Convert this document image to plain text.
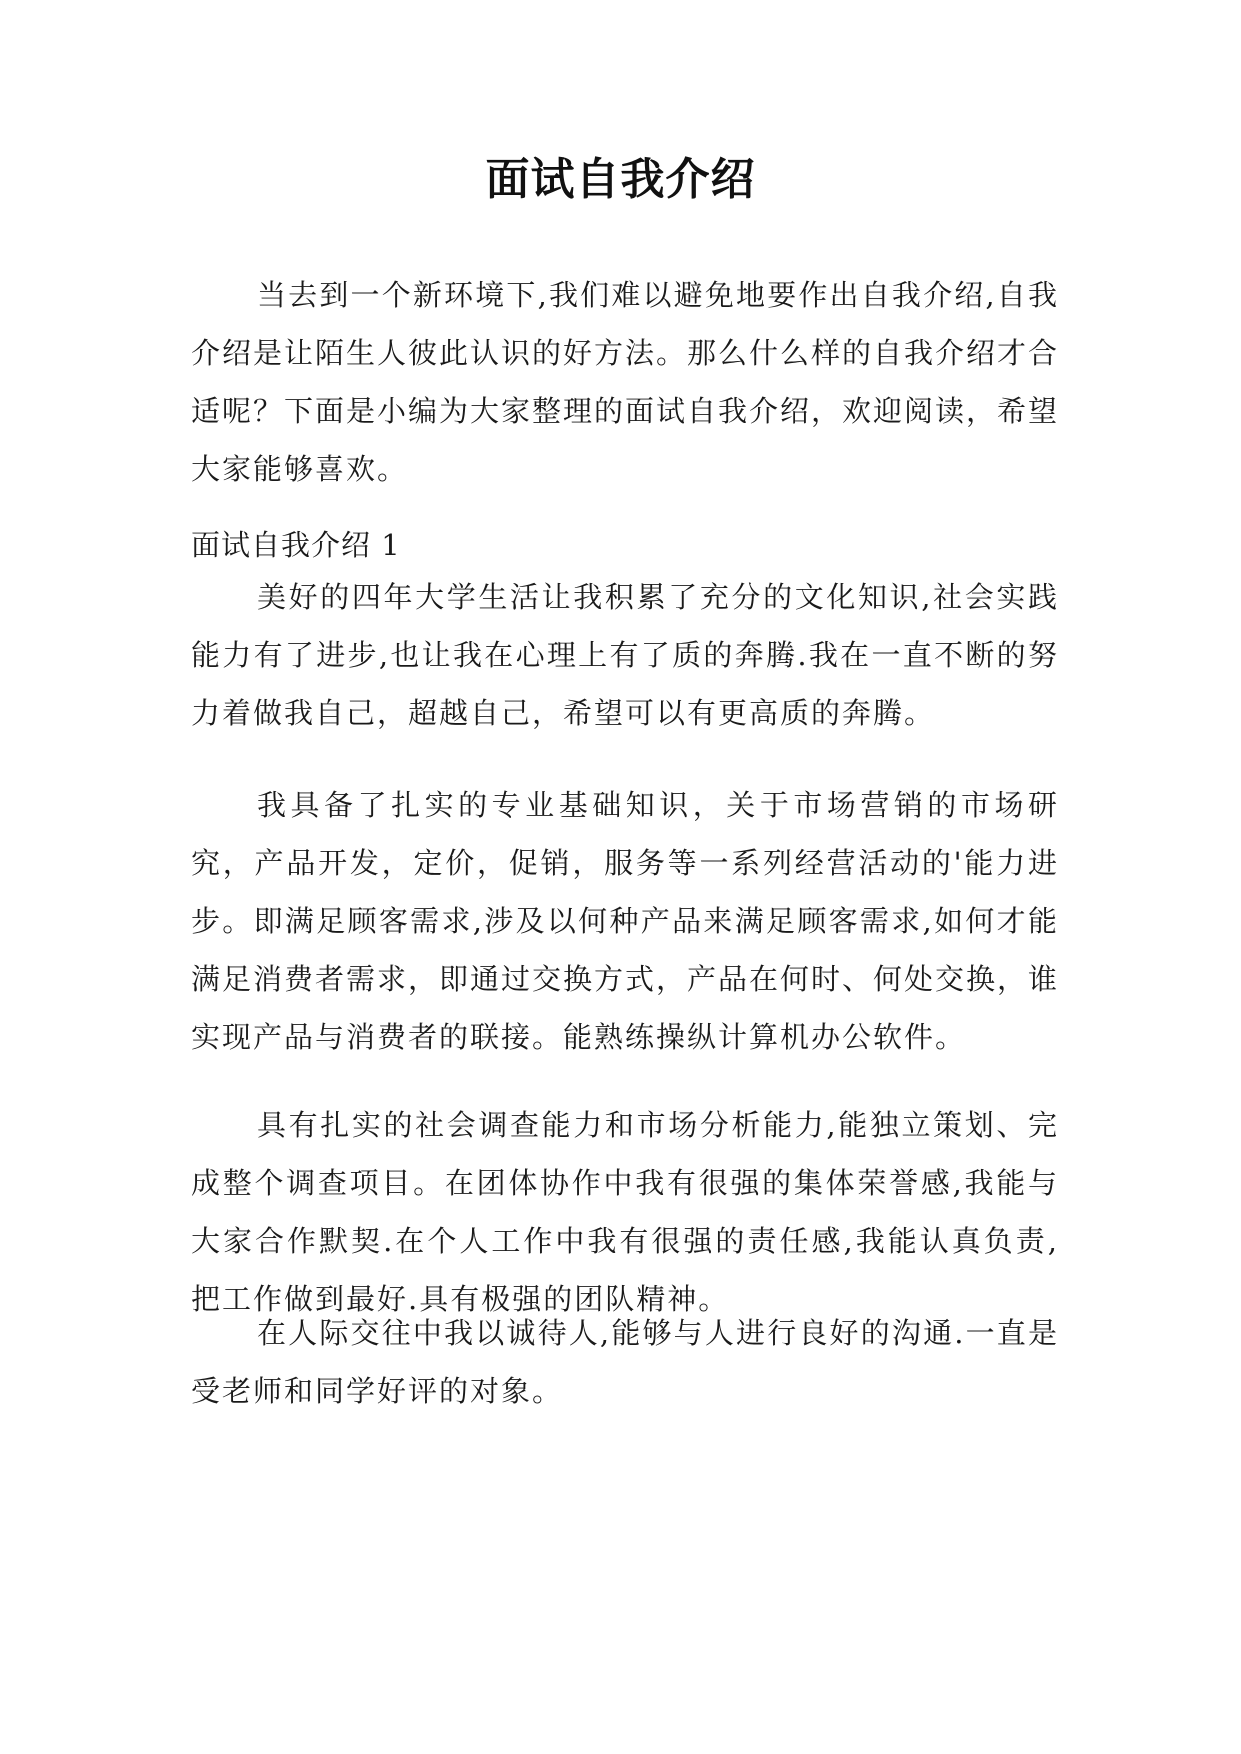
面试自我介绍

当去到一个新环境下,我们难以避免地要作出自我介绍,自我介绍是让陌生人彼此认识的好方法。那么什么样的自我介绍才合适呢？下面是小编为大家整理的面试自我介绍，欢迎阅读，希望大家能够喜欢。

面试自我介绍 1

美好的四年大学生活让我积累了充分的文化知识,社会实践能力有了进步,也让我在心理上有了质的奔腾.我在一直不断的努力着做我自己，超越自己，希望可以有更高质的奔腾。

我具备了扎实的专业基础知识，关于市场营销的市场研究，产品开发，定价，促销，服务等一系列经营活动的'能力进步。即满足顾客需求,涉及以何种产品来满足顾客需求,如何才能满足消费者需求，即通过交换方式，产品在何时、何处交换，谁实现产品与消费者的联接。能熟练操纵计算机办公软件。

具有扎实的社会调查能力和市场分析能力,能独立策划、完成整个调查项目。在团体协作中我有很强的集体荣誉感,我能与大家合作默契.在个人工作中我有很强的责任感,我能认真负责,把工作做到最好.具有极强的团队精神。

在人际交往中我以诚待人,能够与人进行良好的沟通.一直是受老师和同学好评的对象。
